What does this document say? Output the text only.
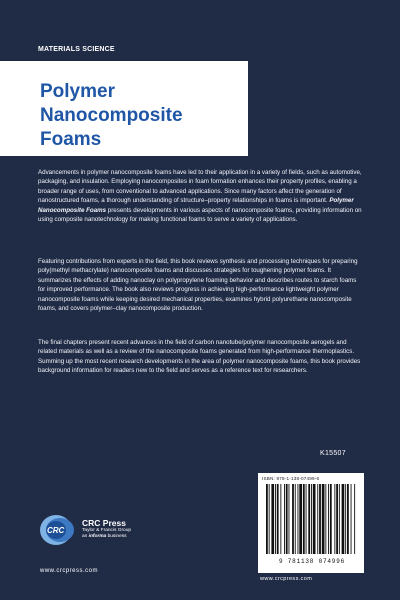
MATERIALS SCIENCE
Polymer
Nanocomposite
Foams

Advancements in polymer nanocomposite foams have led to their application in a variety of fields, such as automotive, packaging, and insulation. Employing nanocomposites in foam formation enhances their property profiles, enabling a broader range of uses, from conventional to advanced applications. Since many factors affect the generation of nanostructured foams, a thorough understanding of structure–property relationships in foams is important. Polymer Nanocomposite Foams presents developments in various aspects of nanocomposite foams, providing information on using composite nanotechnology for making functional foams to serve a variety of applications.

Featuring contributions from experts in the field, this book reviews synthesis and processing techniques for preparing poly(methyl methacrylate) nanocomposite foams and discusses strategies for toughening polymer foams. It summarizes the effects of adding nanoclay on polypropylene foaming behavior and describes routes to starch foams for improved performance. The book also reviews progress in achieving high-performance lightweight polymer nanocomposite foams while keeping desired mechanical properties, examines hybrid polyurethane nanocomposite foams, and covers polymer–clay nanocomposite production.

The final chapters present recent advances in the field of carbon nanotube/polymer nanocomposite aerogels and related materials as well as a review of the nanocomposite foams generated from high-performance thermoplastics. Summing up the most recent research developments in the area of polymer nanocomposite foams, this book provides background information for readers new to the field and serves as a reference text for researchers.

K15507
ISBN: 978-1-138-07499-6
9 781138 074996
www.crcpress.com
CRC
CRC Press
Taylor & Francis Group
an informa business
www.crcpress.com
